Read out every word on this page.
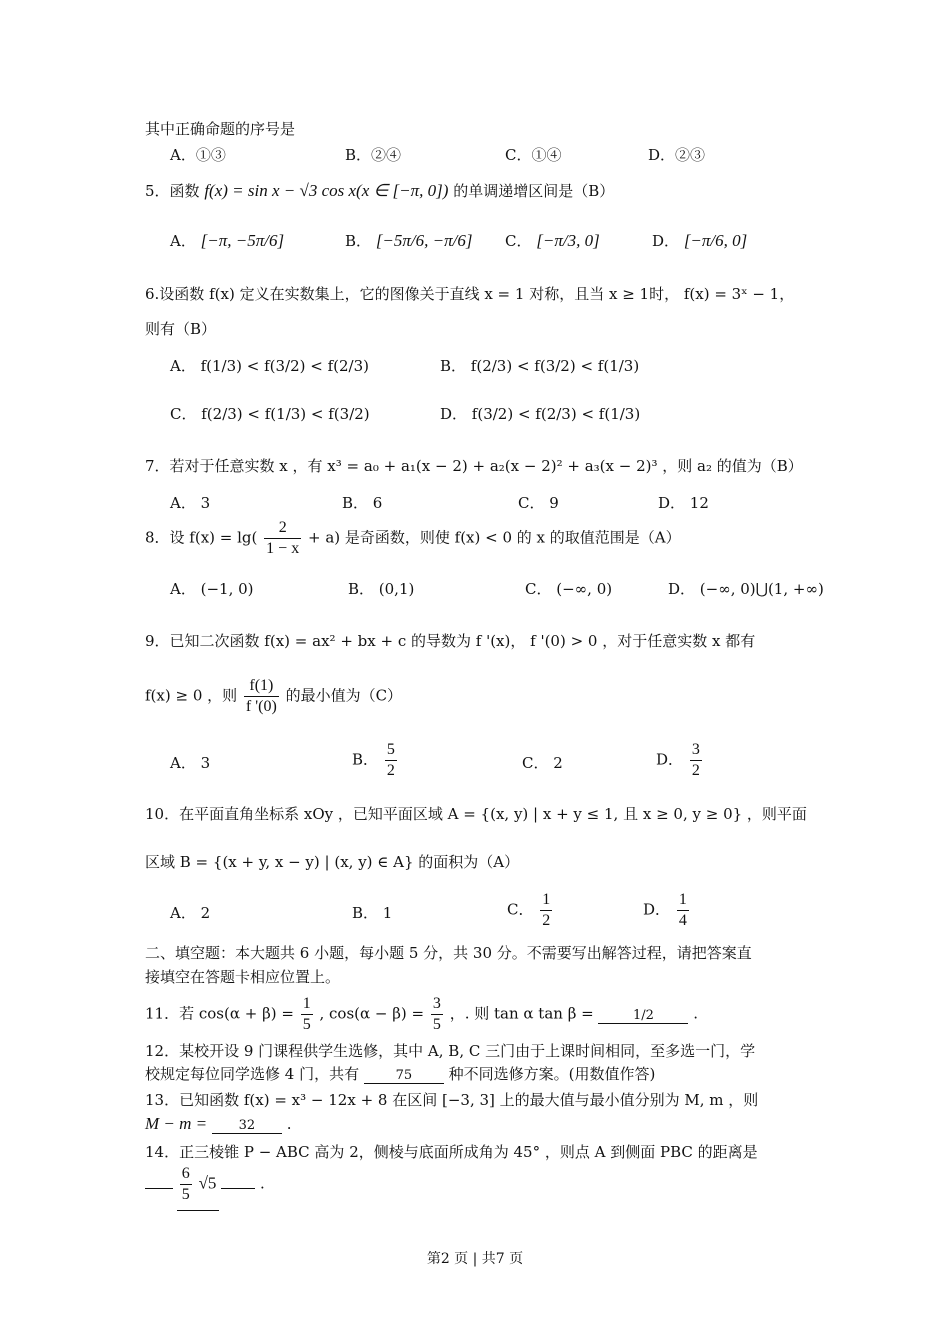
其中正确命题的序号是
A．①③	B．②④	C．①④	D．②③
5．函数 f(x) = sin x − √3 cos x(x ∈ [−π, 0]) 的单调递增区间是（B）
A． [−π, −5π/6]	B． [−5π/6, −π/6] C． [−π/3, 0]	D． [−π/6, 0]
6.设函数 f(x) 定义在实数集上，它的图像关于直线 x = 1 对称，且当 x ≥ 1时， f(x) = 3ˣ − 1，
则有（B）
A． f(1/3) < f(3/2) < f(2/3)	B． f(2/3) < f(3/2) < f(1/3)
C． f(2/3) < f(1/3) < f(3/2)	D． f(3/2) < f(2/3) < f(1/3)
7．若对于任意实数 x ，有 x³ = a₀ + a₁(x − 2) + a₂(x − 2)² + a₃(x − 2)³ ，则 a₂ 的值为（B）
A． 3	B． 6	C． 9	D． 12
8．设 $f(x) = \lg( \frac{2}{1 - x} + a)$ 是奇函数，则使 f(x) < 0 的 x 的取值范围是（A）
A． (−1, 0)	B． (0,1)	C． (−∞, 0)	D． (−∞, 0)⋃(1, +∞)
9．已知二次函数 f(x) = ax² + bx + c 的导数为 f '(x)， f '(0) > 0 ，对于任意实数 x 都有
f(x) ≥ 0 ，则 $\frac{f(1)}{f '(0)}$ 的最小值为（C）
A． 3	B． $\frac{5}{2}$	C． 2	D． $\frac{3}{2}$
10．在平面直角坐标系 xOy ，已知平面区域 A = {(x, y) | x + y ≤ 1, 且 x ≥ 0, y ≥ 0} ，则平面
区域 B = {(x + y, x − y) | (x, y) ∈ A} 的面积为（A）
A． 2	B． 1	C． $\frac{1}{2}$	D． $\frac{1}{4}$
二、填空题：本大题共 6 小题，每小题 5 分，共 30 分。不需要写出解答过程，请把答案直
接填空在答题卡相应位置上。
11．若 $\cos(\alpha + \beta) = \frac{1}{5}$ , $\cos(\alpha - \beta) = \frac{3}{5}$ ，. 则 tan α tan β =	1/2	.
12．某校开设 9 门课程供学生选修，其中 A, B, C 三门由于上课时间相同，至多选一门，学
校规定每位同学选修 4 门，共有	75 种不同选修方案。(用数值作答)
13．已知函数 f(x) = x³ − 12x + 8 在区间 [−3, 3] 上的最大值与最小值分别为 M, m ，则
M − m = 32 .
14．正三棱锥 P − ABC 高为 2，侧棱与底面所成角为 45° ，则点 A 到侧面 PBC 的距离是

$\frac{6}{5} √5$	.
第2 页 | 共7 页
